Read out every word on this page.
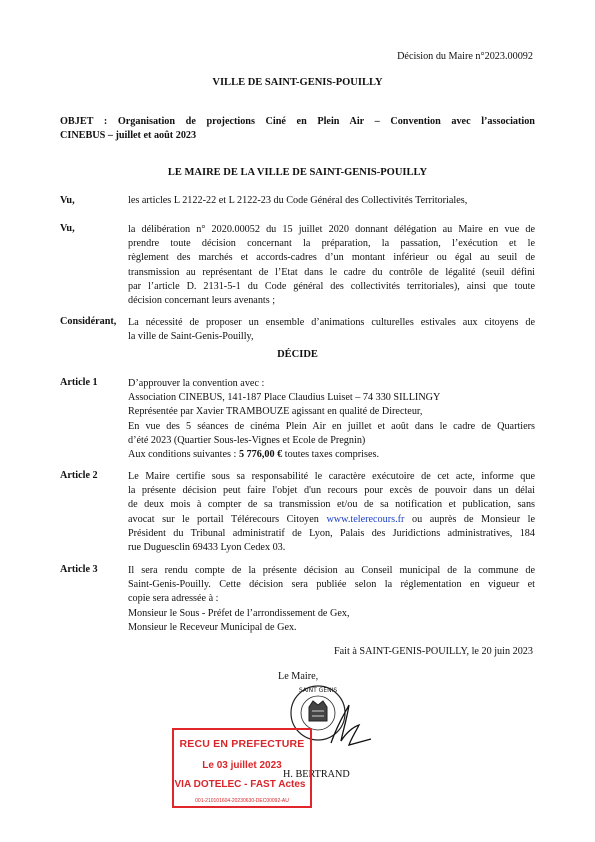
Décision du Maire n°2023.00092
VILLE DE SAINT-GENIS-POUILLY
OBJET : Organisation de projections Ciné en Plein Air – Convention avec l’association
CINEBUS – juillet et août 2023
LE MAIRE DE LA VILLE DE SAINT-GENIS-POUILLY
Vu,	les articles L 2122-22 et L 2122-23 du Code Général des Collectivités Territoriales,
Vu,	la délibération n° 2020.00052 du 15 juillet 2020 donnant délégation au Maire en vue de
prendre toute décision concernant la préparation, la passation, l’exécution et le
règlement des marchés et accords-cadres d’un montant inférieur ou égal au seuil de
transmission au représentant de l’Etat dans le cadre du contrôle de légalité (seuil défini
par l’article D. 2131-5-1 du Code général des collectivités territoriales), ainsi que toute
décision concernant leurs avenants ;
Considérant, La nécessité de proposer un ensemble d’animations culturelles estivales aux citoyens de
la ville de Saint-Genis-Pouilly,
DÉCIDE
Article 1	D’approuver la convention avec :
Association CINEBUS, 141-187 Place Claudius Luiset – 74 330 SILLINGY
Représentée par Xavier TRAMBOUZE agissant en qualité de Directeur,
En vue des 5 séances de cinéma Plein Air en juillet et août dans le cadre de Quartiers
d’été 2023 (Quartier Sous-les-Vignes et Ecole de Pregnin)
Aux conditions suivantes : 5 776,00 € toutes taxes comprises.
Article 2	Le Maire certifie sous sa responsabilité le caractère exécutoire de cet acte, informe que
la présente décision peut faire l'objet d'un recours pour excès de pouvoir dans un délai
de deux mois à compter de sa transmission et/ou de sa notification et publication, sans
avocat sur le portail Télérecours Citoyen www.telerecours.fr ou auprès de Monsieur le
Président du Tribunal administratif de Lyon, Palais des Juridictions administratives, 184
rue Duguesclin 69433 Lyon Cedex 03.
Article 3	Il sera rendu compte de la présente décision au Conseil municipal de la commune de
Saint-Genis-Pouilly. Cette décision sera publiée selon la réglementation en vigueur et
copie sera adressée à :
Monsieur le Sous - Préfet de l’arrondissement de Gex,
Monsieur le Receveur Municipal de Gex.
Fait à SAINT-GENIS-POUILLY, le 20 juin 2023
Le Maire,
SAINT GENIS
H. BERTRAND
RECU EN PREFECTURE
Le 03 juillet 2023
VIA DOTELEC - FAST Actes
001-210101604-20230630-DEC00092-AU
